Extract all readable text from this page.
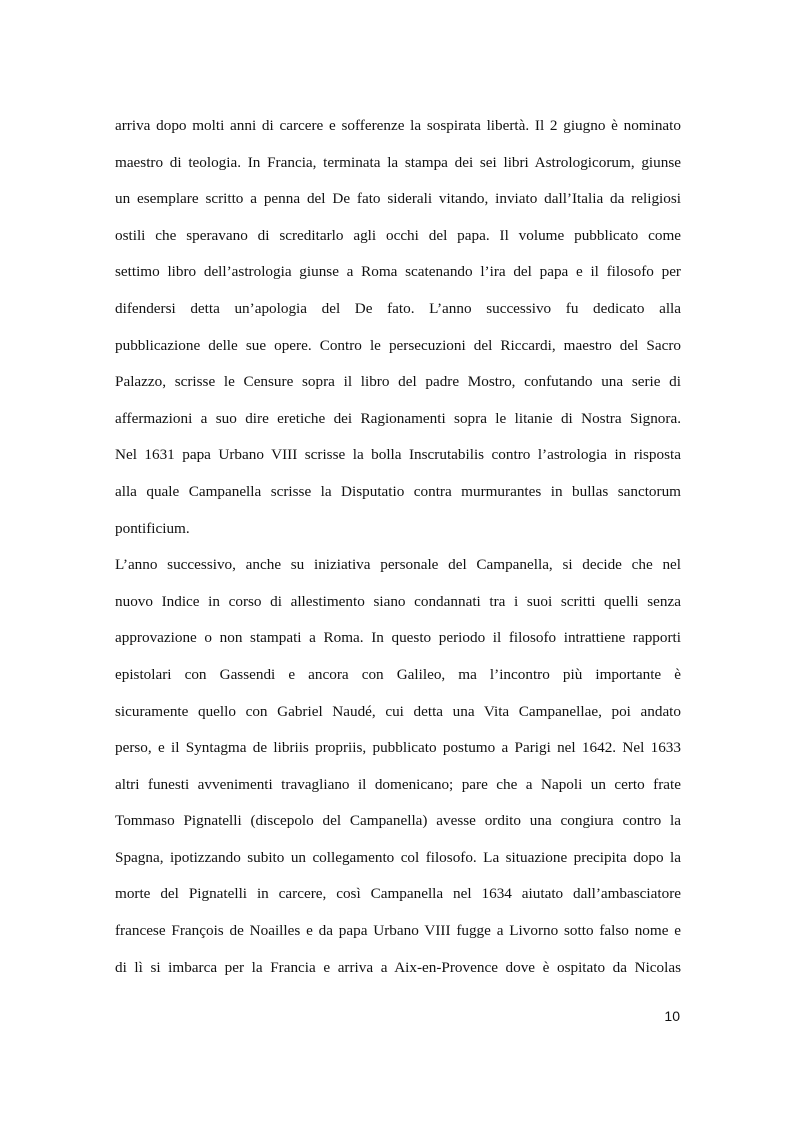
arriva dopo molti anni di carcere e sofferenze la sospirata libertà. Il 2 giugno è nominato
maestro di teologia. In Francia, terminata la stampa dei sei libri Astrologicorum, giunse
un esemplare scritto a penna del De fato siderali vitando, inviato dall’Italia da religiosi
ostili che speravano di screditarlo agli occhi del papa. Il volume pubblicato come
settimo libro dell’astrologia giunse a Roma scatenando l’ira del papa e il filosofo per
difendersi detta un’apologia del De fato. L’anno successivo fu dedicato alla
pubblicazione delle sue opere. Contro le persecuzioni del Riccardi, maestro del Sacro
Palazzo, scrisse le Censure sopra il libro del padre Mostro, confutando una serie di
affermazioni a suo dire eretiche dei Ragionamenti sopra le litanie di Nostra Signora.
Nel 1631 papa Urbano VIII scrisse la bolla Inscrutabilis contro l’astrologia in risposta
alla quale Campanella scrisse la Disputatio contra murmurantes in bullas sanctorum
pontificium.
L’anno successivo, anche su iniziativa personale del Campanella, si decide che nel
nuovo Indice in corso di allestimento siano condannati tra i suoi scritti quelli senza
approvazione o non stampati a Roma. In questo periodo il filosofo intrattiene rapporti
epistolari con Gassendi e ancora con Galileo, ma l’incontro più importante è
sicuramente quello con Gabriel Naudé, cui detta una Vita Campanellae, poi andato
perso, e il Syntagma de libriis propriis, pubblicato postumo a Parigi nel 1642. Nel 1633
altri funesti avvenimenti travagliano il domenicano; pare che a Napoli un certo frate
Tommaso Pignatelli (discepolo del Campanella) avesse ordito una congiura contro la
Spagna, ipotizzando subito un collegamento col filosofo. La situazione precipita dopo la
morte del Pignatelli in carcere, così Campanella nel 1634 aiutato dall’ambasciatore
francese François de Noailles e da papa Urbano VIII fugge a Livorno sotto falso nome e
di lì si imbarca per la Francia e arriva a Aix-en-Provence dove è ospitato da Nicolas
10
